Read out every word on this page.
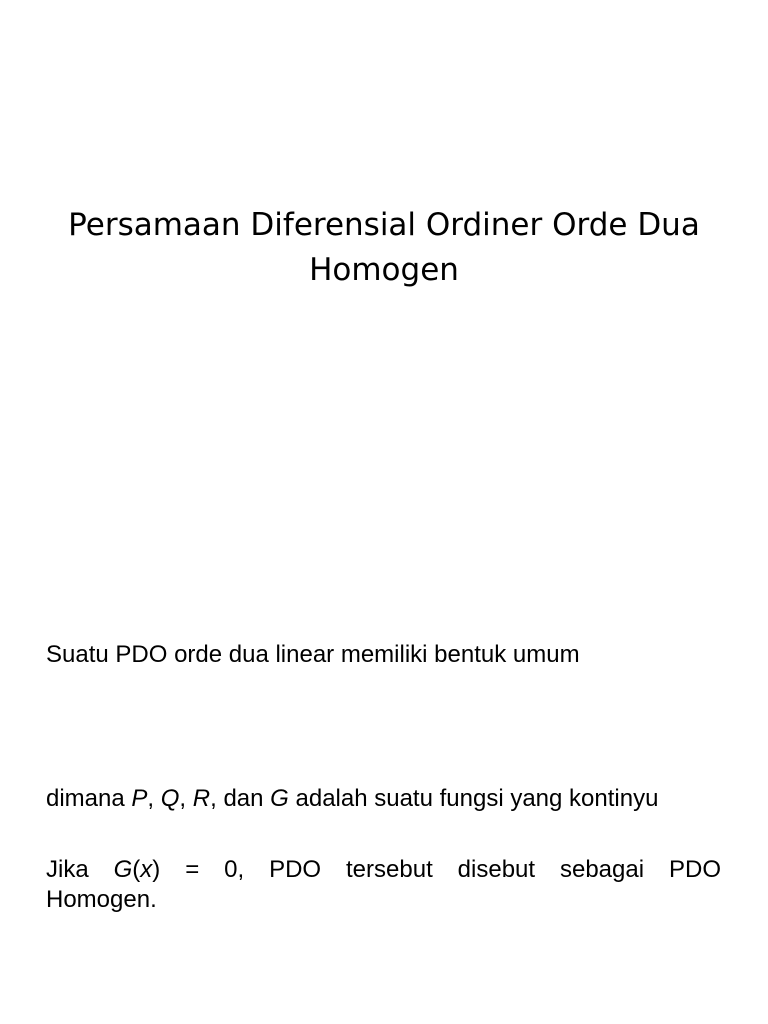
Persamaan Diferensial Ordiner Orde Dua
Homogen

Suatu PDO orde dua linear memiliki bentuk umum

dimana P, Q, R, dan G adalah suatu fungsi yang kontinyu

Jika G(x) = 0, PDO tersebut disebut sebagai PDO
Homogen.
